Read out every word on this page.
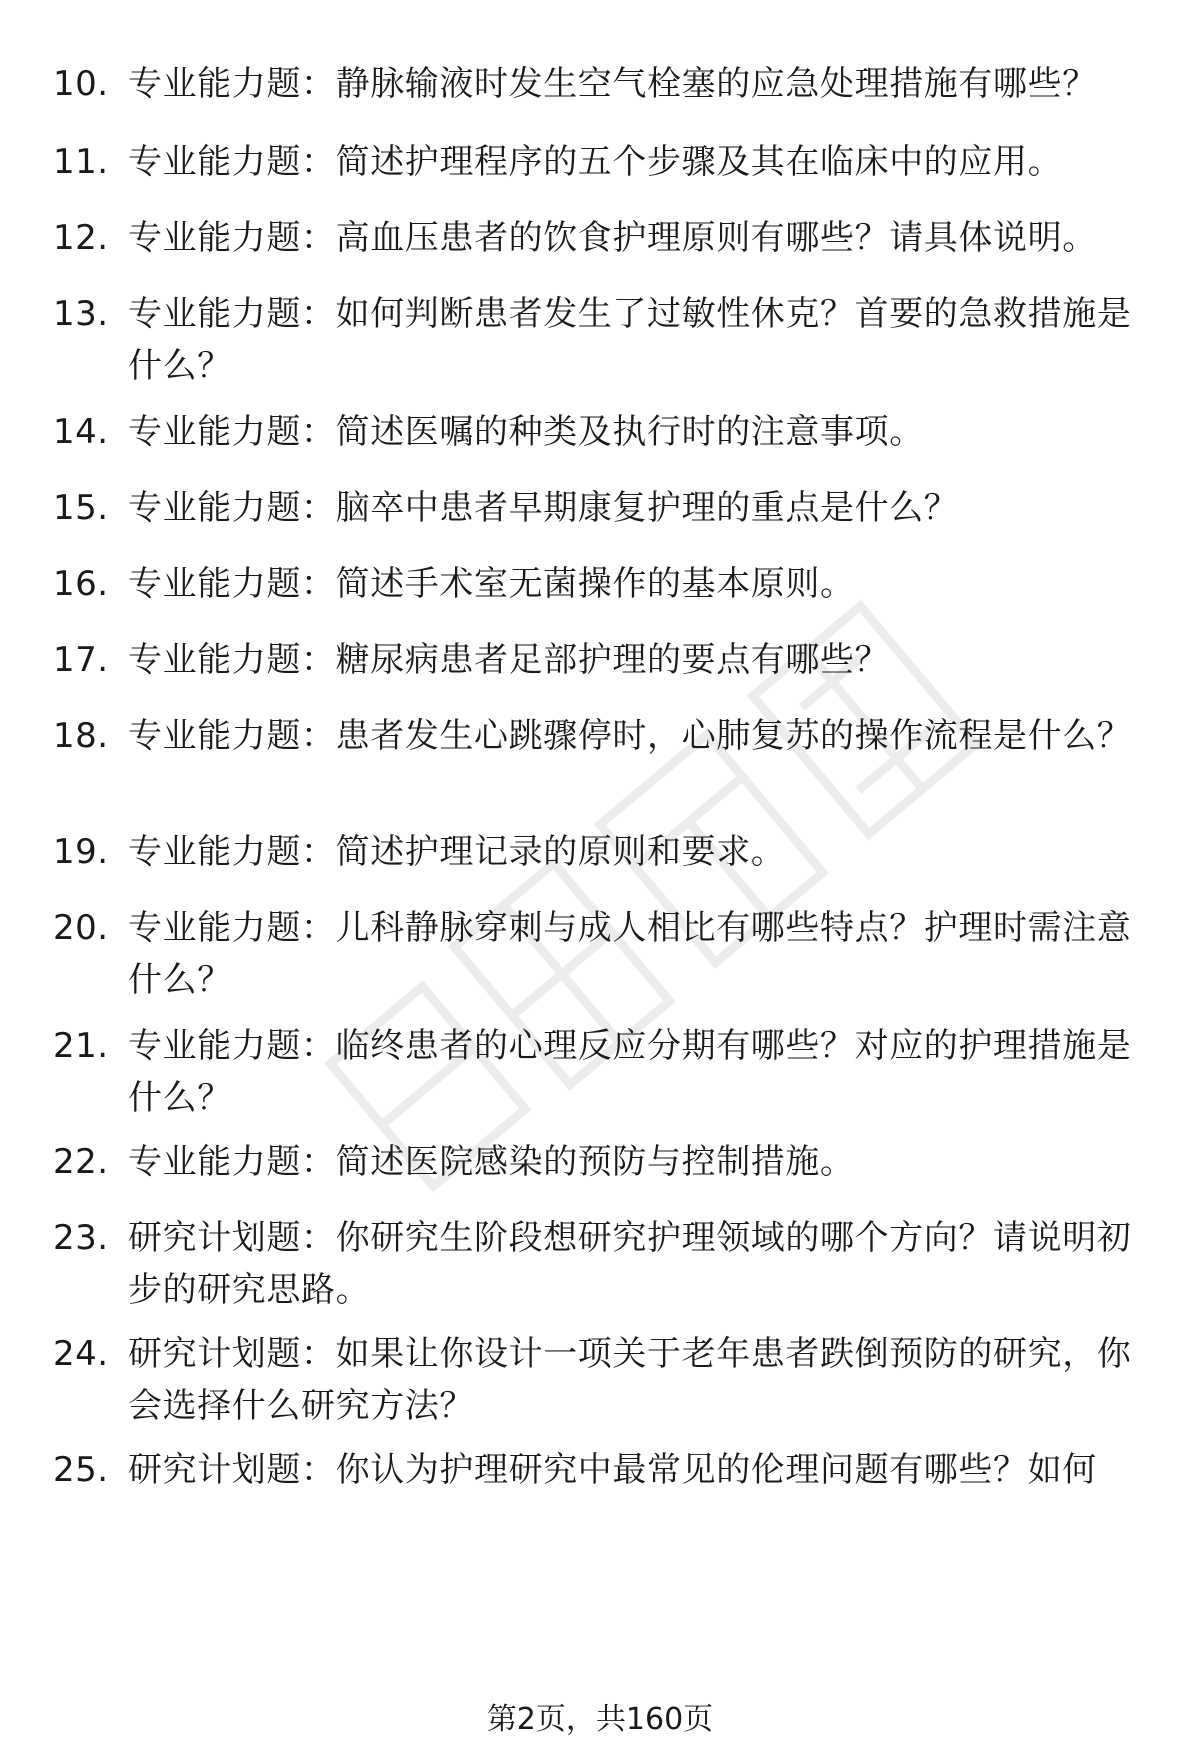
10. 专业能力题：静脉输液时发生空气栓塞的应急处理措施有哪些？
11. 专业能力题：简述护理程序的五个步骤及其在临床中的应用。
12. 专业能力题：高血压患者的饮食护理原则有哪些？请具体说明。
13. 专业能力题：如何判断患者发生了过敏性休克？首要的急救措施是什么？
14. 专业能力题：简述医嘱的种类及执行时的注意事项。
15. 专业能力题：脑卒中患者早期康复护理的重点是什么？
16. 专业能力题：简述手术室无菌操作的基本原则。
17. 专业能力题：糖尿病患者足部护理的要点有哪些？
18. 专业能力题：患者发生心跳骤停时，心肺复苏的操作流程是什么？
19. 专业能力题：简述护理记录的原则和要求。
20. 专业能力题：儿科静脉穿刺与成人相比有哪些特点？护理时需注意什么？
21. 专业能力题：临终患者的心理反应分期有哪些？对应的护理措施是什么？
22. 专业能力题：简述医院感染的预防与控制措施。
23. 研究计划题：你研究生阶段想研究护理领域的哪个方向？请说明初步的研究思路。
24. 研究计划题：如果让你设计一项关于老年患者跌倒预防的研究，你会选择什么研究方法？
25. 研究计划题：你认为护理研究中最常见的伦理问题有哪些？如何
第2页，共160页
